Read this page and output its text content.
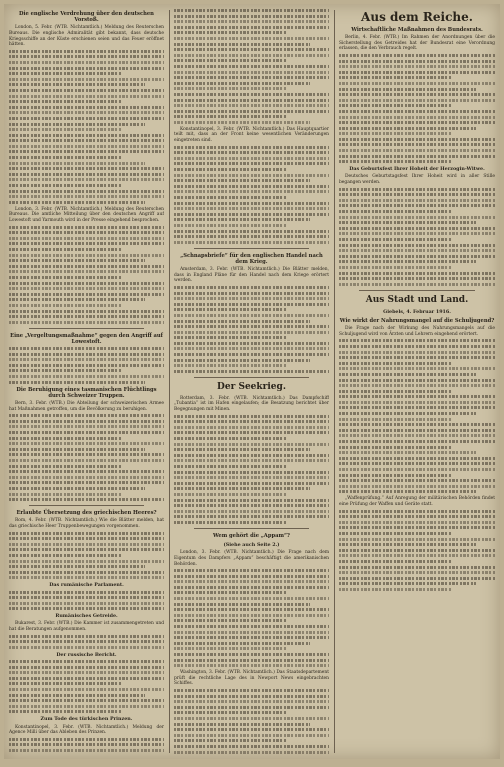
Die englische Verdrehung über den deutschen Vorstoß.

London, 5. Febr. (WTB. Nichtamtlich.) Meldung des Reuterschen Bureaus. Die englische Admiralität gibt bekannt, dass deutsche Kriegsschiffe an der Küste erschienen seien und das Feuer eröffnet hätten.

London, 3. Febr. (WTB. Nichtamtlich.) Meldung des Reuterschen Bureaus. Die amtliche Mitteilung über den deutschen Angriff auf Lowestoft und Yarmouth wird in der Presse eingehend besprochen.

Eine „Vergeltungsmaßnahme“ gegen den Angriff auf Lowestoft.
Die Beruhigung eines tasmanischen Flüchtlings durch Schweizer Truppen.

Bern, 3. Febr. (WTB.) Die Abteilung der schweizerischen Armee hat Maßnahmen getroffen, um die Bevölkerung zu beruhigen.

Erlaubte Übersetzung des griechischen Heeres?

Rom, 4. Febr. (WTB. Nichtamtlich.) Wie die Blätter melden, hat das griechische Heer Truppenbewegungen vorgenommen.

Das rumänische Parlament.
Rumänisches Getreide.

Bukarest, 3. Febr. (WTB.) Die Kammer ist zusammengetreten und hat die Beratungen aufgenommen.

Der russische Bericht.
Zum Tode des türkischen Prinzen.

Konstantinopel, 3. Febr. (WTB. Nichtamtlich.) Meldung der Agence Milli über das Ableben des Prinzen.

Konstantinopel, 3. Febr. (WTB. Nichtamtlich.) Das Hauptquartier teilt mit, dass an der Front keine wesentlichen Veränderungen eingetreten sind.

„Schnapsbriefe“ für den englischen Handel nach dem Krieg.

Amsterdam, 3. Febr. (WTB. Nichtamtlich.) Die Blätter melden, dass in England Pläne für den Handel nach dem Kriege erörtert werden.

Der Seekrieg.

Rotterdam, 3. Febr. (WTB. Nichtamtlich.) Das Dampfschiff „Tubantia“ ist im Hafen eingelaufen; die Besatzung berichtet über Begegnungen mit Minen.

Wem gehört die „Appam“?
(Siehe auch Seite 2.)

London, 3. Febr. (WTB. Nichtamtlich.) Die Frage nach dem Eigentum des Dampfers „Appam“ beschäftigt die amerikanischen Behörden.

Washington, 3. Febr. (WTB. Nichtamtlich.) Das Staatsdepartement prüft die rechtliche Lage des in Newport News eingebrachten Schiffes.

Aus dem Reiche.
Wirtschaftliche Maßnahmen des Bundesrats.

Berlin, 4. Febr. (WTB.) Im Rahmen der Anordnungen über die Sicherstellung des Getreides hat der Bundesrat eine Verordnung erlassen, die den Verbrauch regelt.

Das Geburtsfest Ihrer Hoheit der Herzogin-Witwe.

Deutsches Geburtstagsfest Ihrer Hoheit wird in aller Stille begangen werden.

Aus Stadt und Land.
Giebels, 4. Februar 1916.
Wie wirkt der Nahrungsmangel auf die Schuljugend?

Die Frage nach der Wirkung des Nahrungsmangels auf die Schuljugend wird von Ärzten und Lehrern eingehend erörtert.

„Waffenprüfung.“ Auf Anregung der militärischen Behörden findet eine Prüfung der Waffen und Geräte statt.
